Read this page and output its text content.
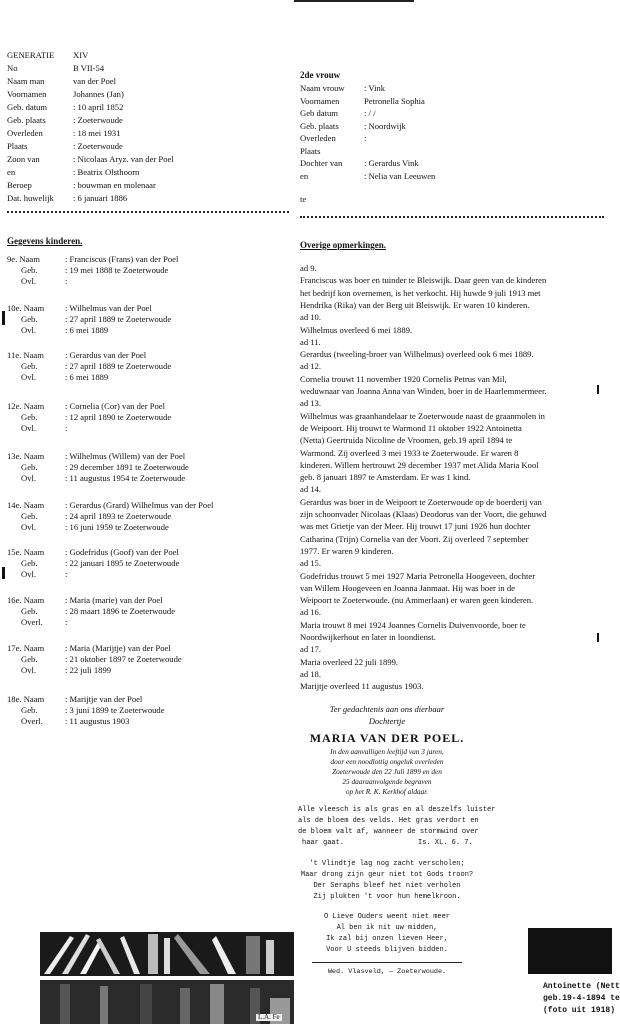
GENERATIE XIV
No	B VII-54
Naam man	van der Poel
Voornamen	Johannes (Jan)
Geb. datum	: 10 april 1852
Geb. plaats	: Zoeterwoude
Overleden	: 18 mei 1931
Plaats	: Zoeterwoude
Zoon van	: Nicolaas Aryz. van der Poel
en	: Beatrix Olsthoorn
Beroep	: bouwman en molenaar
Dat. huwelijk : 6 januari 1886
2de vrouw
Naam vrouw : Vink
Voornamen	Petronella Sophia
Geb datum	: / /
Geb. plaats	: Noordwijk
Overleden	:
Plaats
Dochter van	: Gerardus Vink
en	: Nelia van Leeuwen
te
Gegevens kinderen.	Overige opmerkingen.
9e. Naam	: Franciscus (Frans) van der Poel
Geb.	: 19 mei 1888 te Zoeterwoude
Ovl.	:
10e. Naam : Wilhelmus van der Poel
Geb.	: 27 april 1889 te Zoeterwoude
Ovl.	: 6 mei 1889
11e. Naam : Gerardus van der Poel
Geb.	: 27 april 1889 te Zoeterwoude
Ovl.	: 6 mei 1889
12e. Naam : Cornelia (Cor) van der Poel
Geb.	: 12 april 1890 te Zoeterwoude
Ovl.	:
13e. Naam : Wilhelmus (Willem) van der Poel
Geb.	: 29 december 1891 te Zoeterwoude
Ovl.	: 11 augustus 1954 te Zoeterwoude
14e. Naam : Gerardus (Grard) Wilhelmus van der Poel
Geb.	: 24 april 1893 te Zoeterwoude
Ovl.	: 16 juni 1959 te Zoeterwoude
15e. Naam : Godefridus (Goof) van der Poel
Geb.	: 22 januari 1895 te Zoeterwoude
Ovl.	:
16e. Naam : Maria (marie) van der Poel
Geb.	: 28 maart 1896 te Zoeterwoude
Overl.	:
17e. Naam : Maria (Marijtje) van der Poel
Geb.	: 21 oktober 1897 te Zoeterwoude
Ovl.	: 22 juli 1899
18e. Naam : Marijtje van der Poel
Geb.	: 3 juni 1899 te Zoeterwoude
Overl.	: 11 augustus 1903
ad 9.
Franciscus was boer en tuinder te Bleiswijk. Daar geen van de kinderen
het bedrijf kon overnemen, is het verkocht. Hij huwde 9 juli 1913 met
Hendrika (Rika) van der Berg uit Bleiswijk. Er waren 10 kinderen.
ad 10.
Wilhelmus overleed 6 mei 1889.
ad 11.
Gerardus (tweeling-broer van Wilhelmus) overleed ook 6 mei 1889.
ad 12.
Cornelia trouwt 11 november 1920 Cornelis Petrus van Mil,
weduwnaar van Joanna Anna van Winden, boer in de Haarlemmermeer.
ad 13.
Wilhelmus was graanhandelaar te Zoeterwoude naast de graanmolen in
de Weipoort. Hij trouwt te Warmond 11 oktober 1922 Antoinetta
(Netta) Geertruida Nicoline de Vroomen, geb.19 april 1894 te
Warmond. Zij overleed 3 mei 1933 te Zoeterwoude. Er waren 8
kinderen. Willem hertrouwt 29 december 1937 met Alida Maria Kool
geb. 8 januari 1897 te Amsterdam. Er was 1 kind.
ad 14.
Gerardus was boer in de Weipoort te Zoeterwoude op de boerderij van
zijn schoonvader Nicolaas (Klaas) Deodorus van der Voort, die gehuwd
was met Grietje van der Meer. Hij trouwt 17 juni 1926 hun dochter
Catharina (Trijn) Cornelia van der Voort. Zij overleed 7 september
1977. Er waren 9 kinderen.
ad 15.
Godefridus trouwt 5 mei 1927 Maria Petronella Hoogeveen, dochter
van Willem Hoogeveen en Joanna Janmaat. Hij was boer in de
Weipoort te Zoeterwoude. (nu Ammerlaan) er waren geen kinderen.
ad 16.
Maria trouwt 8 mei 1924 Joannes Cornelis Duivenvoorde, boer te
Noordwijkerhout en later in loondienst.
ad 17.
Maria overleed 22 juli 1899.
ad 18.
Marijtje overleed 11 augustus 1903.
Ter gedachtenis aan ons dierbaar
Dochtertje
MARIA VAN DER POEL.
In den aanvalligen leeftijd van 3 jaren,
door een noodlottig ongeluk overleden
Zoeterwoude den 22 Juli 1899 en den
25 daaraanvolgende begraven
op het R. K. Kerkhof aldaar.
Alle vleesch is als gras en al deszelfs luister
als de bloem des velds. Het gras verdort en
de bloem valt af, wanneer de stormwind over
haar gaat.	Is. XL. 6. 7.
't Vlindtje lag nog zacht verscholen;
Maar drong zijn geur niet tot Gods troon?
Der Seraphs bleef het niet verholen
Zij plukten 't voor hun hemelkroon.
O Lieve Ouders weent niet meer
Al ben ik nit uw midden,
Ik zal bij onzen lieven Heer,
Voor U steeds blijven bidden.
Wed. Vlasveld, — Zoeterwoude.
L.A. Fe
Antoinette (Nett
geb.19-4-1894 te
(foto uit 1918)
